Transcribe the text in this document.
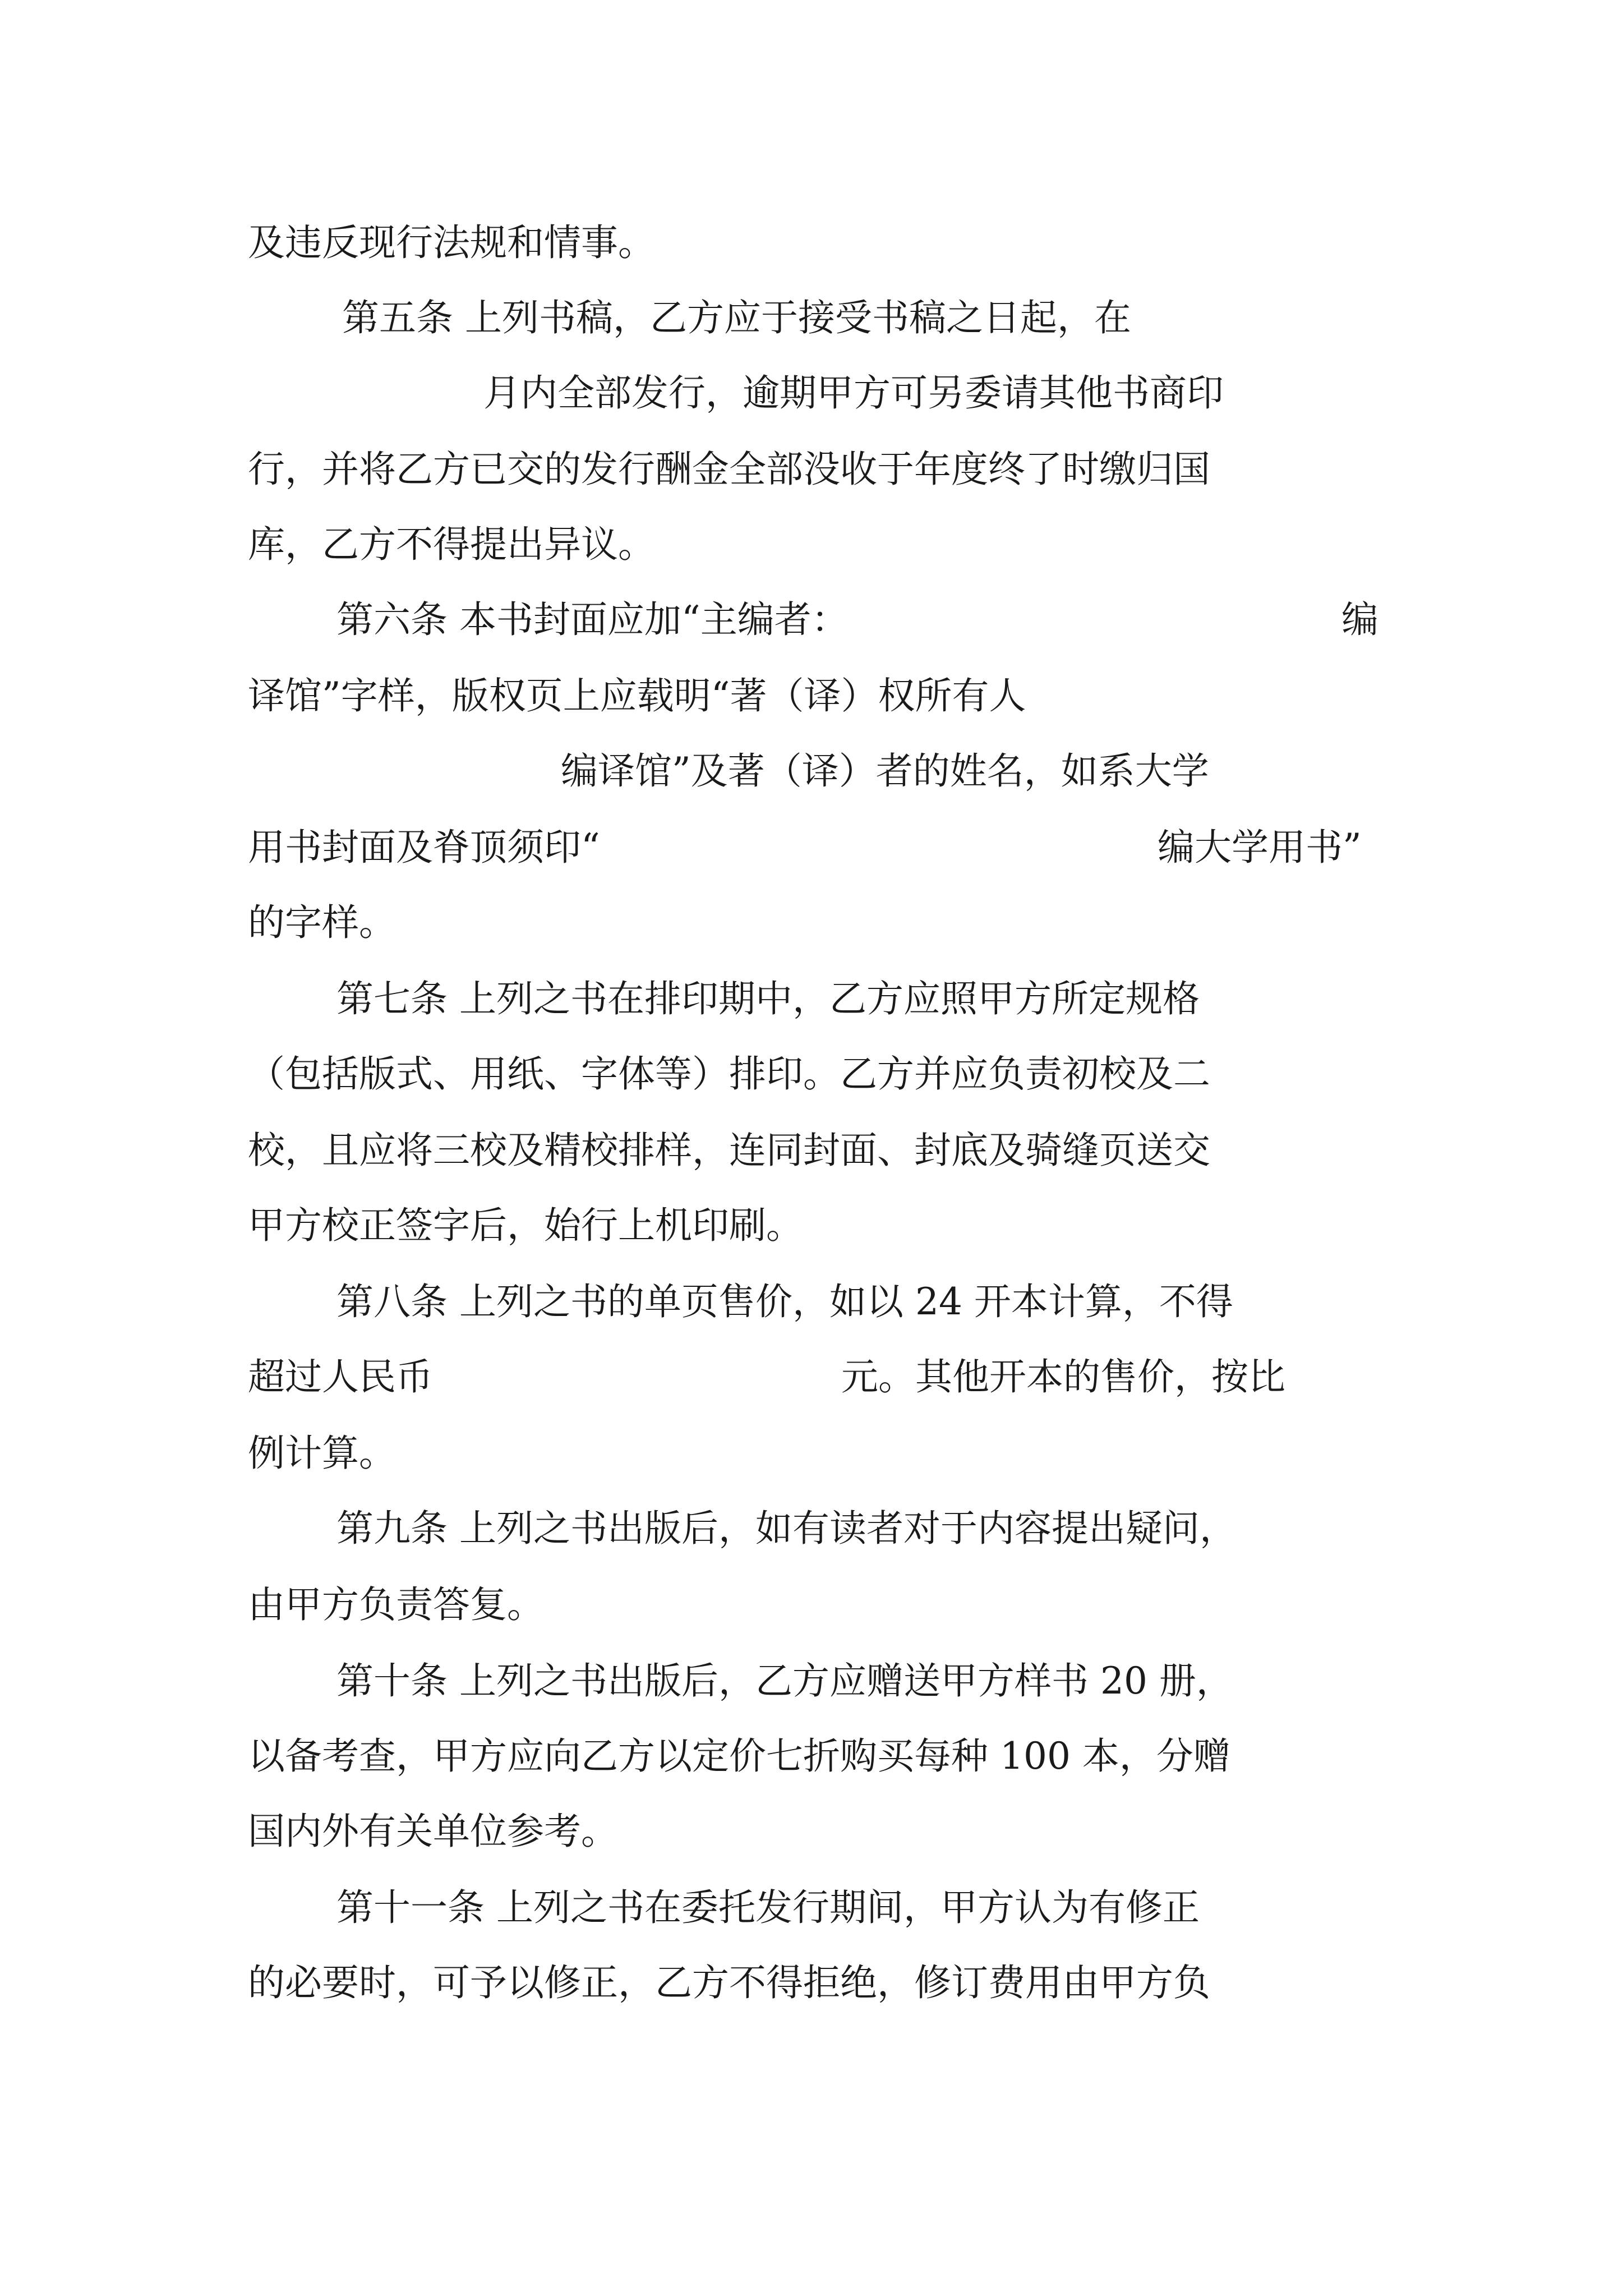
及违反现行法规和情事。
第五条 上列书稿，乙方应于接受书稿之日起，在
月内全部发行，逾期甲方可另委请其他书商印
行，并将乙方已交的发行酬金全部没收于年度终了时缴归国
库，乙方不得提出异议。
第六条 本书封面应加“主编者：	编
译馆”字样，版权页上应载明“著（译）权所有人
编译馆”及著（译）者的姓名，如系大学
用书封面及脊顶须印“	编大学用书”
的字样。
第七条 上列之书在排印期中，乙方应照甲方所定规格
（包括版式、用纸、字体等）排印。乙方并应负责初校及二
校，且应将三校及精校排样，连同封面、封底及骑缝页送交
甲方校正签字后，始行上机印刷。
第八条 上列之书的单页售价，如以 24 开本计算，不得
超过人民币	元。其他开本的售价，按比
例计算。
第九条 上列之书出版后，如有读者对于内容提出疑问，
由甲方负责答复。
第十条 上列之书出版后，乙方应赠送甲方样书 20 册，
以备考查，甲方应向乙方以定价七折购买每种 100 本，分赠
国内外有关单位参考。
第十一条 上列之书在委托发行期间，甲方认为有修正
的必要时，可予以修正，乙方不得拒绝，修订费用由甲方负
